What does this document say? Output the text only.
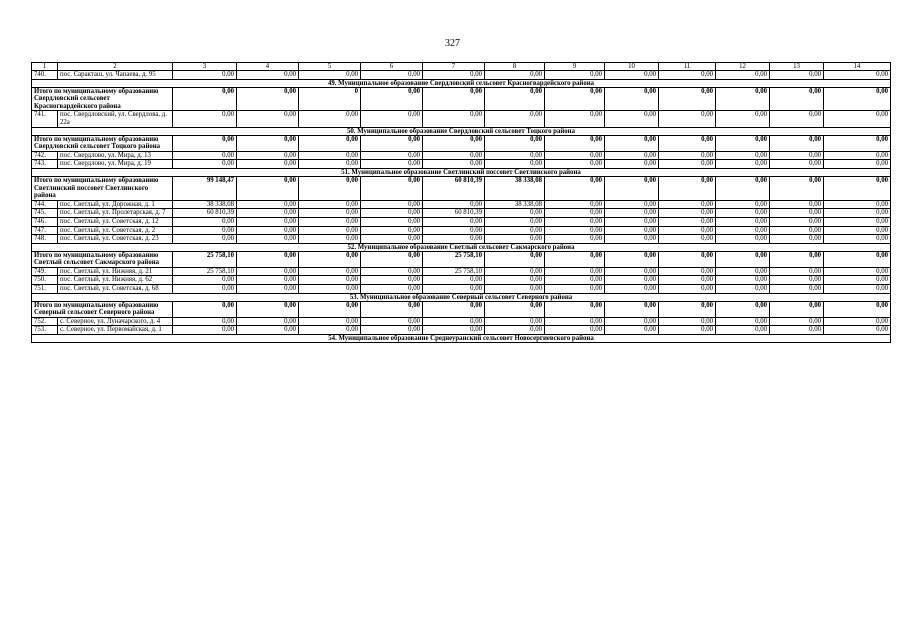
327
1	2	3	4	5	6	7	8	9	10	11	12	13	14
740.	пос. Саракташ, ул. Чапаева, д. 95	0,00	0,00	0,00	0,00	0,00	0,00	0,00	0,00	0,00	0,00	0,00	0,00
49. Муниципальное образование Свердловский сельсовет Красногвардейского района													
Итого по муниципальному образованию Свердловский сельсовет Красногвардейского района		0,00	0,00	0	0,00	0,00	0,00	0,00	0,00	0,00	0,00	0,00	0,00
741.	пос. Свердловский, ул. Свердлова, д. 22а	0,00	0,00	0,00	0,00	0,00	0,00	0,00	0,00	0,00	0,00	0,00	0,00
50. Муниципальное образование Свердловский сельсовет Тоцкого района													
Итого по муниципальному образованию Свердловский сельсовет Тоцкого района		0,00	0,00	0,00	0,00	0,00	0,00	0,00	0,00	0,00	0,00	0,00	0,00
742.	пос. Свердлово, ул. Мира, д. 13	0,00	0,00	0,00	0,00	0,00	0,00	0,00	0,00	0,00	0,00	0,00	0,00
743.	пос. Свердлово, ул. Мира, д. 19	0,00	0,00	0,00	0,00	0,00	0,00	0,00	0,00	0,00	0,00	0,00	0,00
51. Муниципальное образование Светлинский поссовет Светлинского района													
Итого по муниципальному образованию Светлинский поссовет Светлинского района		99 148,47	0,00	0,00	0,00	60 810,39	38 338,08	0,00	0,00	0,00	0,00	0,00	0,00
744.	пос. Светлый, ул. Дорожная, д. 1	38 338,08	0,00	0,00	0,00	0,00	38 338,08	0,00	0,00	0,00	0,00	0,00	0,00
745.	пос. Светлый, ул. Пролетарская, д. 7	60 810,39	0,00	0,00	0,00	60 810,39	0,00	0,00	0,00	0,00	0,00	0,00	0,00
746.	пос. Светлый, ул. Советская, д. 12	0,00	0,00	0,00	0,00	0,00	0,00	0,00	0,00	0,00	0,00	0,00	0,00
747.	пос. Светлый, ул. Советская, д. 2	0,00	0,00	0,00	0,00	0,00	0,00	0,00	0,00	0,00	0,00	0,00	0,00
748.	пос. Светлый, ул. Советская, д. 23	0,00	0,00	0,00	0,00	0,00	0,00	0,00	0,00	0,00	0,00	0,00	0,00
52. Муниципальное образование Светлый сельсовет Сакмарского района													
Итого по муниципальному образованию Светлый сельсовет Сакмарского района		25 758,10	0,00	0,00	0,00	25 758,10	0,00	0,00	0,00	0,00	0,00	0,00	0,00
749.	пос. Светлый, ул. Нижняя, д. 21	25 758,10	0,00	0,00	0,00	25 758,10	0,00	0,00	0,00	0,00	0,00	0,00	0,00
750.	пос. Светлый, ул. Нижняя, д. 62	0,00	0,00	0,00	0,00	0,00	0,00	0,00	0,00	0,00	0,00	0,00	0,00
751.	пос. Светлый, ул. Советская, д. 68	0,00	0,00	0,00	0,00	0,00	0,00	0,00	0,00	0,00	0,00	0,00	0,00
53. Муниципальное образование Северный сельсовет Северного района													
Итого по муниципальному образованию Северный сельсовет Северного района		0,00	0,00	0,00	0,00	0,00	0,00	0,00	0,00	0,00	0,00	0,00	0,00
752.	с. Северное, ул. Луначарского, д. 4	0,00	0,00	0,00	0,00	0,00	0,00	0,00	0,00	0,00	0,00	0,00	0,00
753.	с. Северное, ул. Первомайская, д. 1	0,00	0,00	0,00	0,00	0,00	0,00	0,00	0,00	0,00	0,00	0,00	0,00
54. Муниципальное образование Среднеуранский сельсовет Новосергиевского района													
